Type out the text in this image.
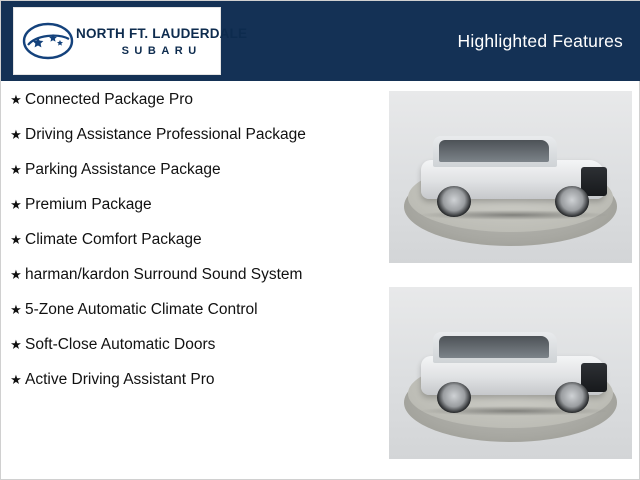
NORTH FT. LAUDERDALE
SUBARU	Highlighted Features
★ Connected Package Pro
★ Driving Assistance Professional Package
★ Parking Assistance Package
★ Premium Package
★ Climate Comfort Package
★ harman/kardon Surround Sound System
★ 5-Zone Automatic Climate Control
★ Soft-Close Automatic Doors
★ Active Driving Assistant Pro
